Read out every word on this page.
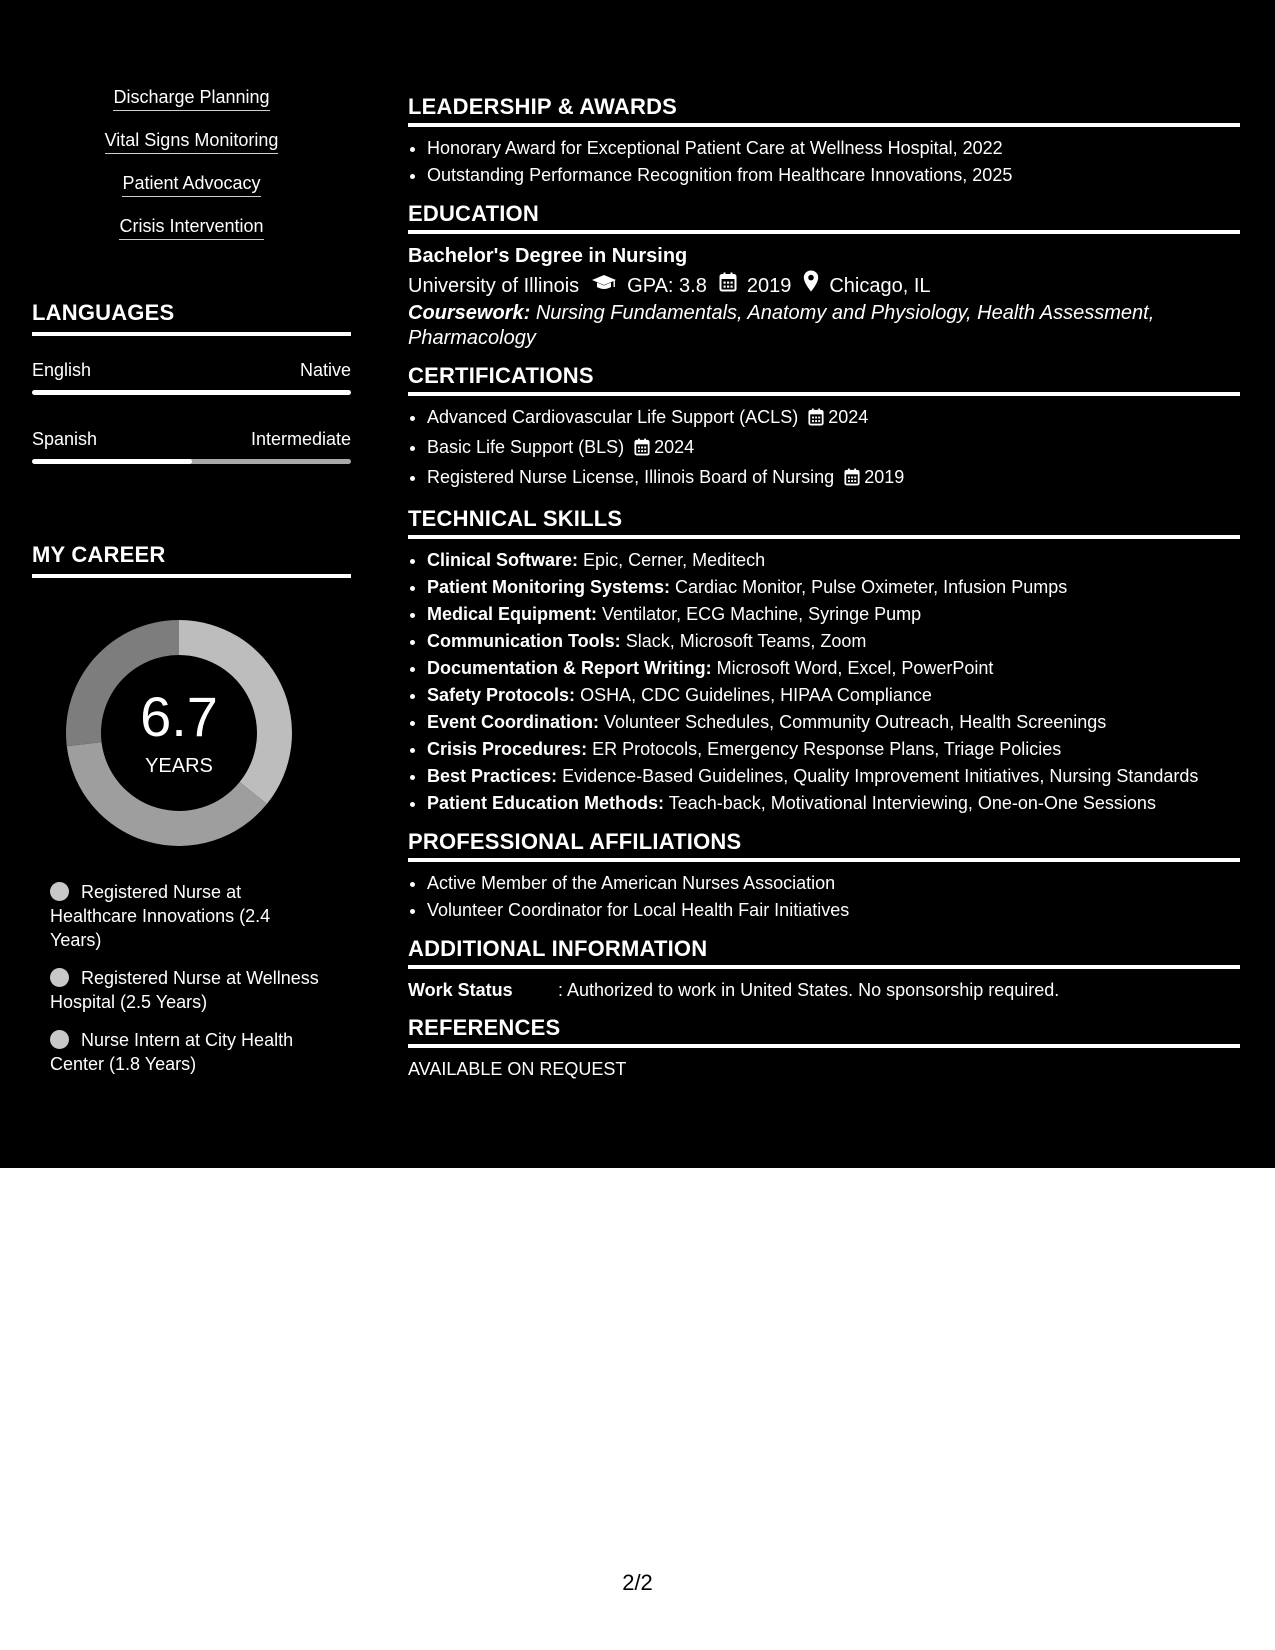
Discharge Planning
Vital Signs Monitoring
Patient Advocacy
Crisis Intervention
LANGUAGES
English	Native
Spanish	Intermediate
MY CAREER
6.7
YEARS
Registered Nurse at Healthcare Innovations (2.4 Years)
Registered Nurse at Wellness Hospital (2.5 Years)
Nurse Intern at City Health Center (1.8 Years)
LEADERSHIP & AWARDS
• Honorary Award for Exceptional Patient Care at Wellness Hospital, 2022
• Outstanding Performance Recognition from Healthcare Innovations, 2025
EDUCATION
Bachelor's Degree in Nursing
University of Illinois GPA: 3.8 2019 Chicago, IL
Coursework: Nursing Fundamentals, Anatomy and Physiology, Health Assessment, Pharmacology
CERTIFICATIONS
• Advanced Cardiovascular Life Support (ACLS) 2024
• Basic Life Support (BLS) 2024
• Registered Nurse License, Illinois Board of Nursing 2019
TECHNICAL SKILLS
• Clinical Software: Epic, Cerner, Meditech
• Patient Monitoring Systems: Cardiac Monitor, Pulse Oximeter, Infusion Pumps
• Medical Equipment: Ventilator, ECG Machine, Syringe Pump
• Communication Tools: Slack, Microsoft Teams, Zoom
• Documentation & Report Writing: Microsoft Word, Excel, PowerPoint
• Safety Protocols: OSHA, CDC Guidelines, HIPAA Compliance
• Event Coordination: Volunteer Schedules, Community Outreach, Health Screenings
• Crisis Procedures: ER Protocols, Emergency Response Plans, Triage Policies
• Best Practices: Evidence-Based Guidelines, Quality Improvement Initiatives, Nursing Standards
• Patient Education Methods: Teach-back, Motivational Interviewing, One-on-One Sessions
PROFESSIONAL AFFILIATIONS
• Active Member of the American Nurses Association
• Volunteer Coordinator for Local Health Fair Initiatives
ADDITIONAL INFORMATION
Work Status	: Authorized to work in United States. No sponsorship required.
REFERENCES
AVAILABLE ON REQUEST
2/2
